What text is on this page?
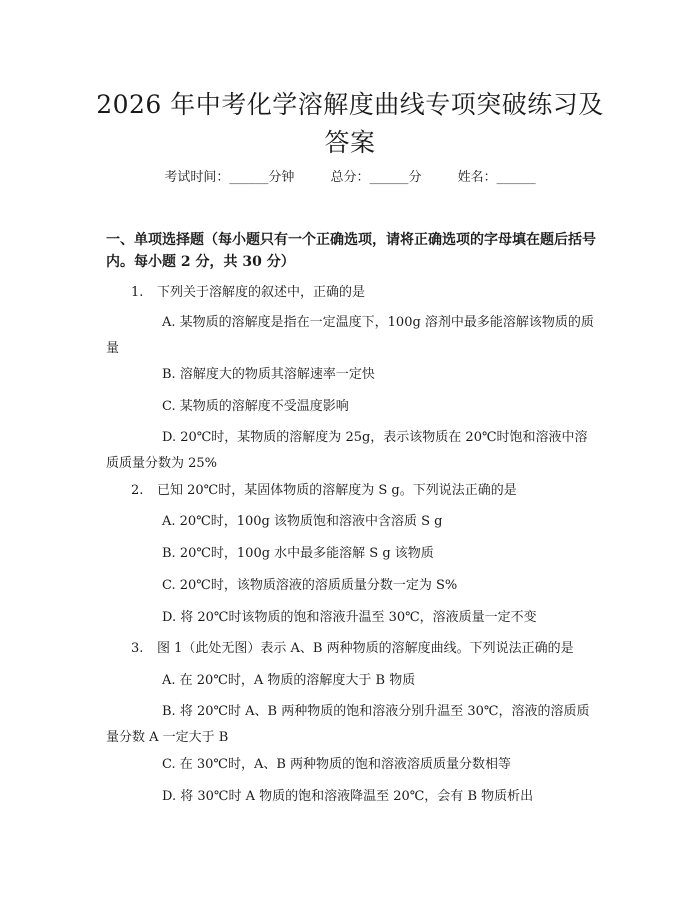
2026 年中考化学溶解度曲线专项突破练习及答案
考试时间：______分钟	总分：______分	姓名：______
一、单项选择题（每小题只有一个正确选项，请将正确选项的字母填在题后括号内。每小题 2 分，共 30 分）
1. 下列关于溶解度的叙述中，正确的是
A. 某物质的溶解度是指在一定温度下，100g 溶剂中最多能溶解该物质的质量
B. 溶解度大的物质其溶解速率一定快
C. 某物质的溶解度不受温度影响
D. 20℃时，某物质的溶解度为 25g，表示该物质在 20℃时饱和溶液中溶质质量分数为 25%
2. 已知 20℃时，某固体物质的溶解度为 S g。下列说法正确的是
A. 20℃时，100g 该物质饱和溶液中含溶质 S g
B. 20℃时，100g 水中最多能溶解 S g 该物质
C. 20℃时，该物质溶液的溶质质量分数一定为 S%
D. 将 20℃时该物质的饱和溶液升温至 30℃，溶液质量一定不变
3. 图 1（此处无图）表示 A、B 两种物质的溶解度曲线。下列说法正确的是
A. 在 20℃时，A 物质的溶解度大于 B 物质
B. 将 20℃时 A、B 两种物质的饱和溶液分别升温至 30℃，溶液的溶质质量分数 A 一定大于 B
C. 在 30℃时，A、B 两种物质的饱和溶液溶质质量分数相等
D. 将 30℃时 A 物质的饱和溶液降温至 20℃，会有 B 物质析出
